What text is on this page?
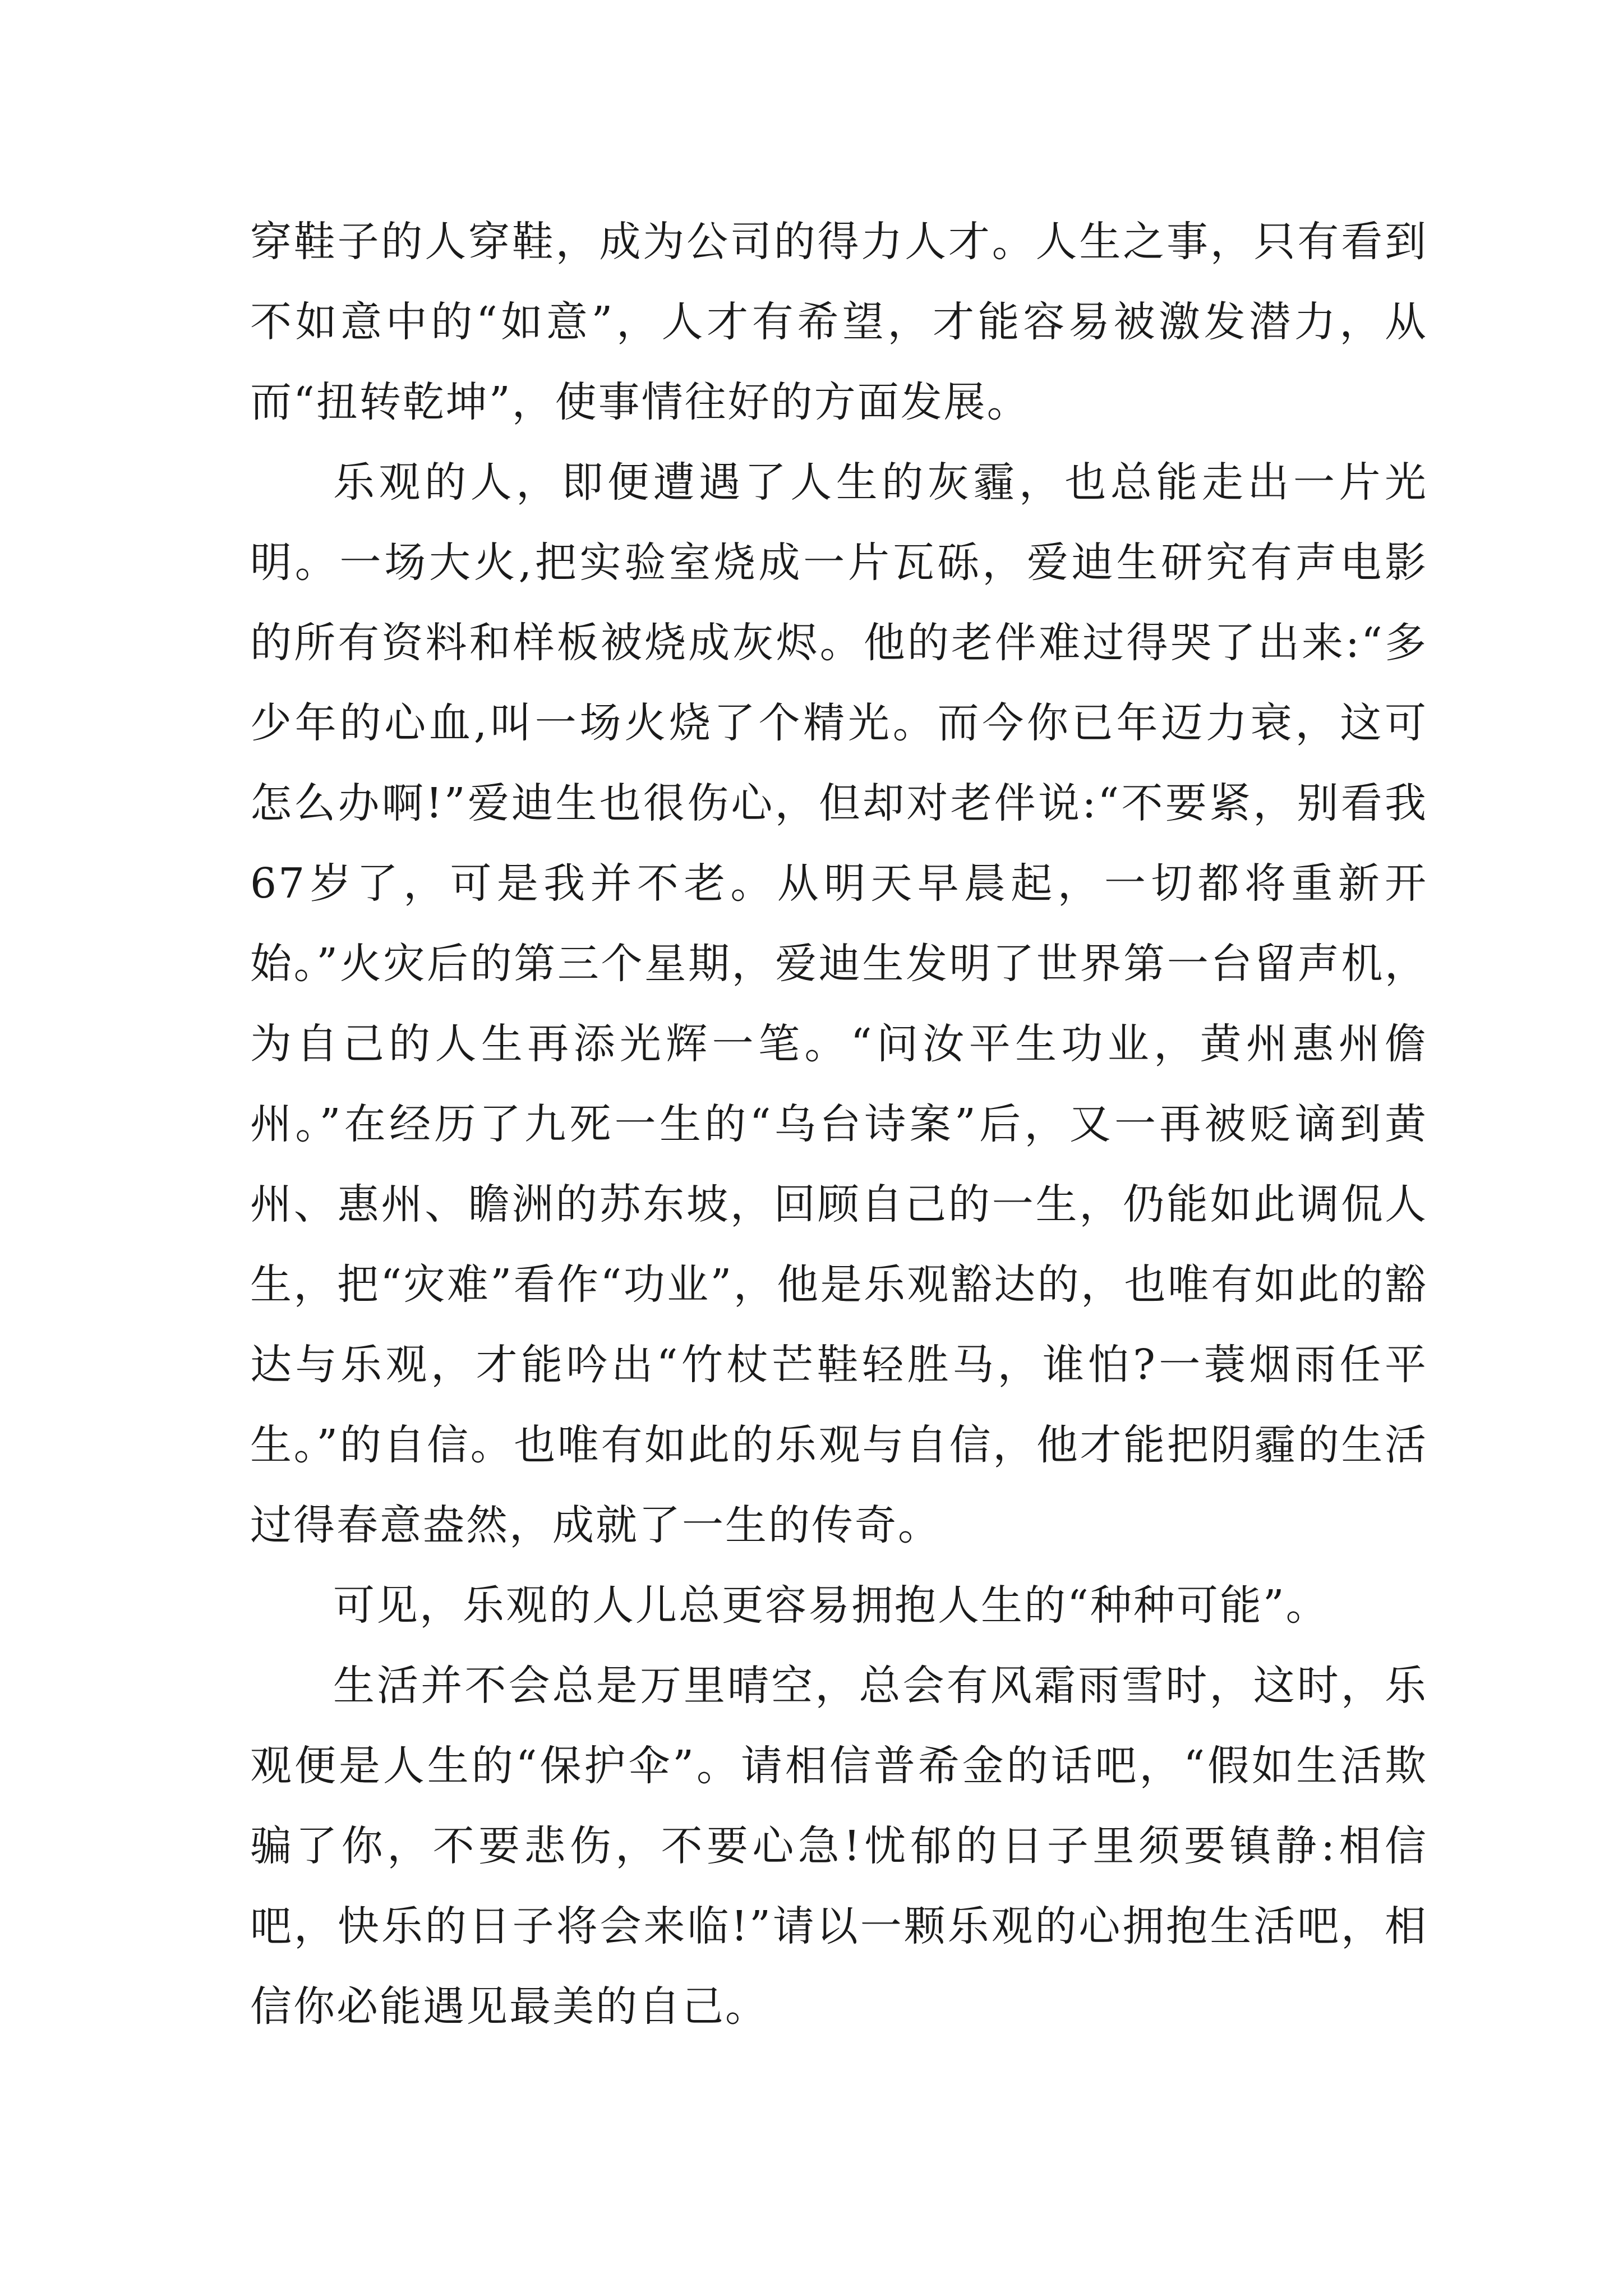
穿鞋子的人穿鞋，成为公司的得力人才。人生之事，只有看到不如意中的“如意”，人才有希望，才能容易被激发潜力，从而“扭转乾坤”，使事情往好的方面发展。

乐观的人，即便遭遇了人生的灰霾，也总能走出一片光明。一场大火,把实验室烧成一片瓦砾，爱迪生研究有声电影的所有资料和样板被烧成灰烬。他的老伴难过得哭了出来:“多少年的心血,叫一场火烧了个精光。而今你已年迈力衰，这可怎么办啊!”爱迪生也很伤心，但却对老伴说:“不要紧，别看我67岁了，可是我并不老。从明天早晨起，一切都将重新开始。”火灾后的第三个星期，爱迪生发明了世界第一台留声机，为自己的人生再添光辉一笔。“问汝平生功业，黄州惠州儋州。”在经历了九死一生的“乌台诗案”后，又一再被贬谪到黄州、惠州、瞻洲的苏东坡，回顾自己的一生，仍能如此调侃人生，把“灾难”看作“功业”，他是乐观豁达的，也唯有如此的豁达与乐观，才能吟出“竹杖芒鞋轻胜马，谁怕?一蓑烟雨任平生。”的自信。也唯有如此的乐观与自信，他才能把阴霾的生活过得春意盎然，成就了一生的传奇。

可见，乐观的人儿总更容易拥抱人生的“种种可能”。

生活并不会总是万里晴空，总会有风霜雨雪时，这时，乐观便是人生的“保护伞”。请相信普希金的话吧，“假如生活欺骗了你，不要悲伤，不要心急!忧郁的日子里须要镇静:相信吧，快乐的日子将会来临!”请以一颗乐观的心拥抱生活吧，相信你必能遇见最美的自己。
